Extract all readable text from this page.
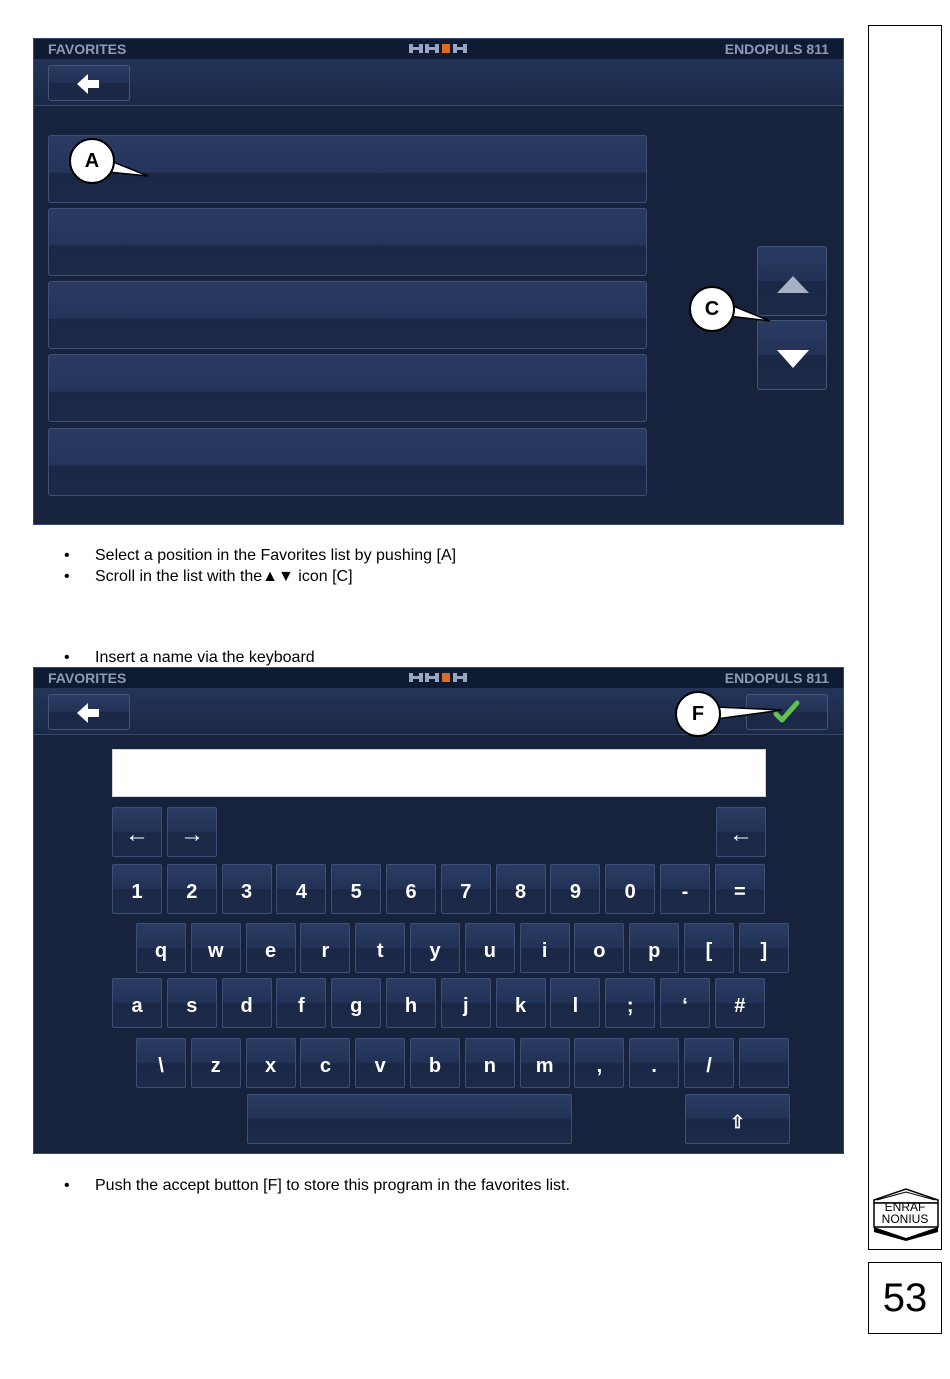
FAVORITES	ENDOPULS 811
A
C
• Select a position in the Favorites list by pushing [A]
• Scroll in the list with the▲▼ icon [C]
• Insert a name via the keyboard
FAVORITES	ENDOPULS 811
←	→	←
1	2	3	4	5	6	7	8	9	0	-	=
q	w	e	r	t	y	u	i	o	p	[	]
a	s	d	f	g	h	j	k	l	;	‘	#
\	z	x	c	v	b	n	m	,	.	/
⇧
F
• Push the accept button [F] to store this program in the favorites list.
ENRAF
NONIUS
53
